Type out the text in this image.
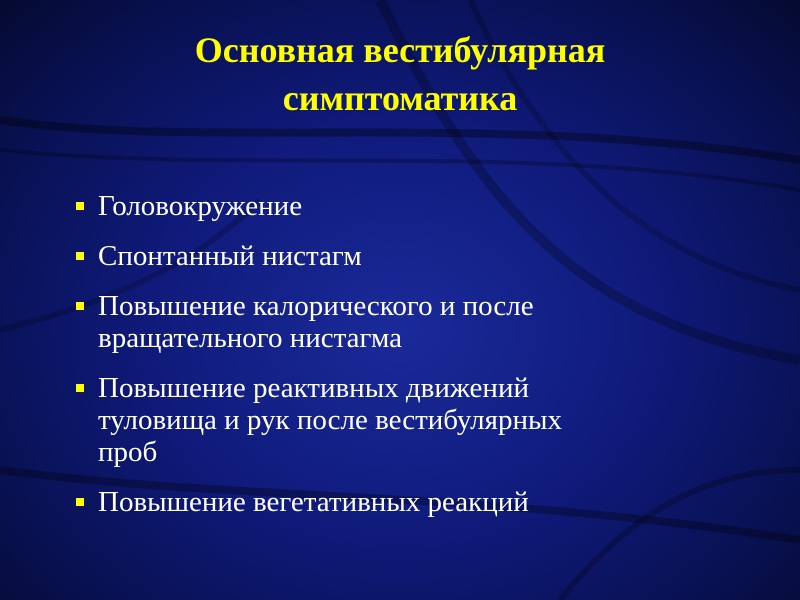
Основная вестибулярная
симптоматика
Головокружение
Спонтанный нистагм
Повышение калорического и после
вращательного нистагма
Повышение реактивных движений
туловища и рук после вестибулярных
проб
Повышение вегетативных реакций
